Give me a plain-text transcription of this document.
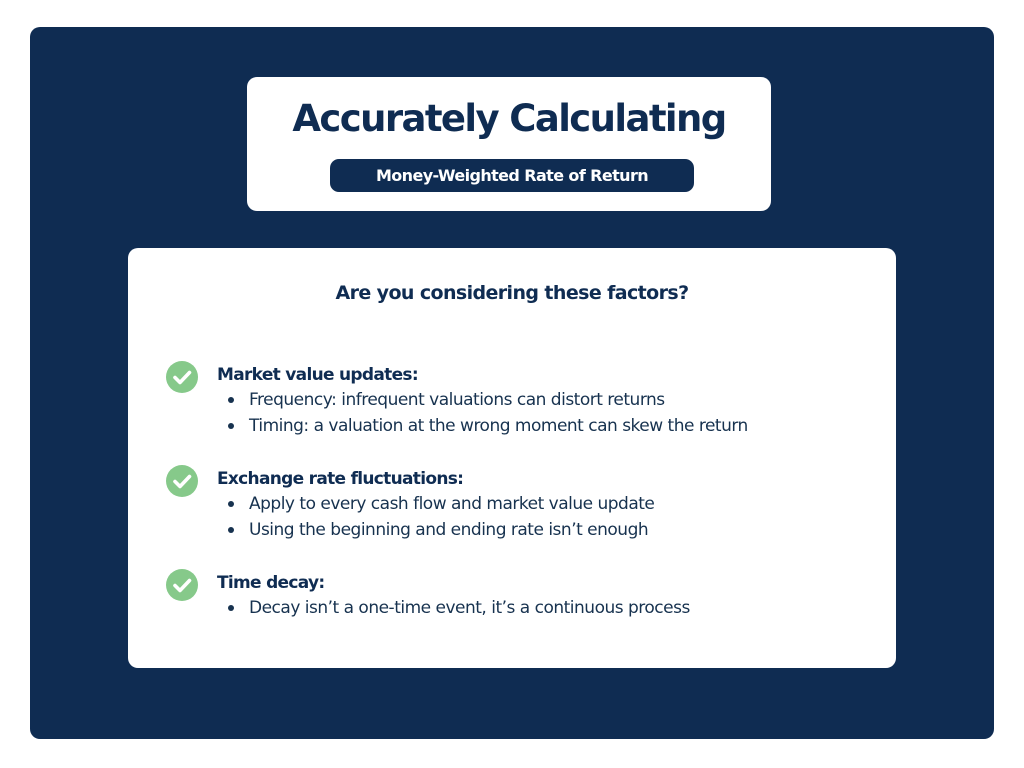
Accurately Calculating
Money-Weighted Rate of Return
Are you considering these factors?
Market value updates:
Frequency: infrequent valuations can distort returns
Timing: a valuation at the wrong moment can skew the return
Exchange rate fluctuations:
Apply to every cash flow and market value update
Using the beginning and ending rate isn’t enough
Time decay:
Decay isn’t a one-time event, it’s a continuous process
